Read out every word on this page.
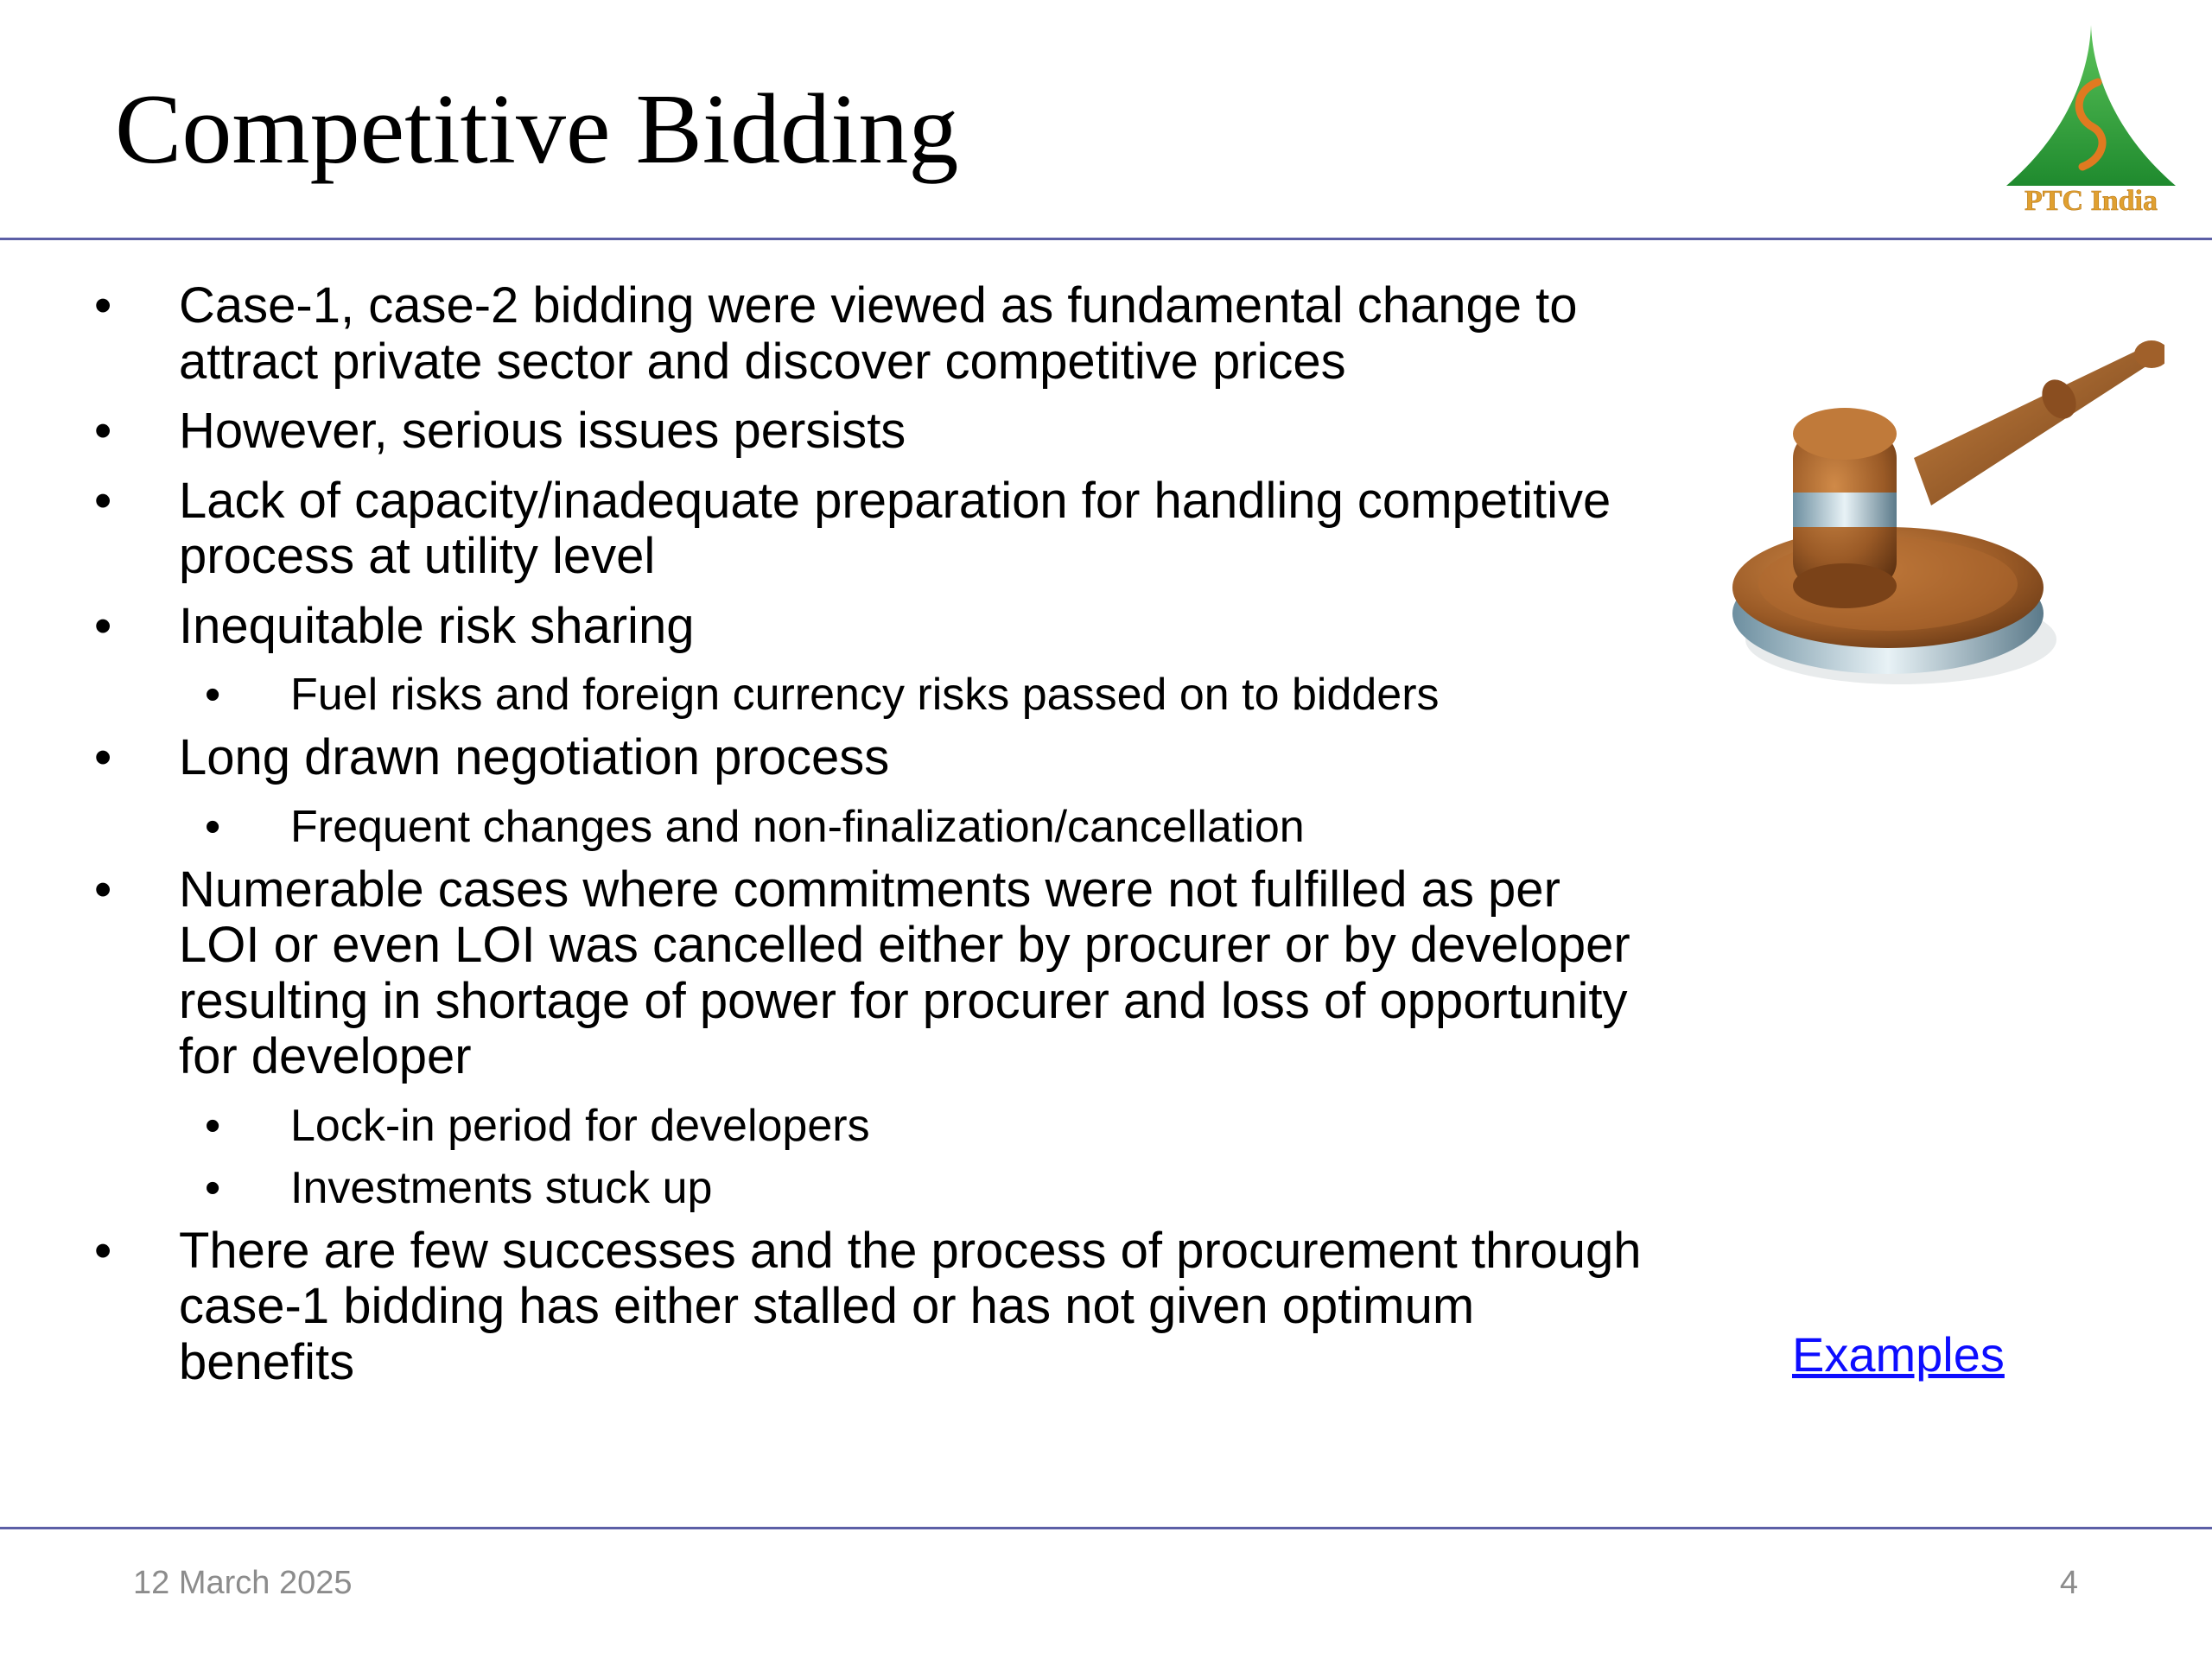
Competitive Bidding
PTC India
• Case-1, case-2 bidding were viewed as fundamental change to attract private sector and discover competitive prices
• However, serious issues persists
• Lack of capacity/inadequate preparation for handling competitive process at utility level
• Inequitable risk sharing
• Fuel risks and foreign currency risks passed on to bidders
• Long drawn negotiation process
• Frequent changes and non-finalization/cancellation
• Numerable cases where commitments were not fulfilled as per LOI or even LOI was cancelled either by procurer or by developer resulting in shortage of power for procurer and loss of opportunity for developer
• Lock-in period for developers
• Investments stuck up
• There are few successes and the process of procurement through case-1 bidding has either stalled or has not given optimum benefits	Examples
12 March 2025	4
